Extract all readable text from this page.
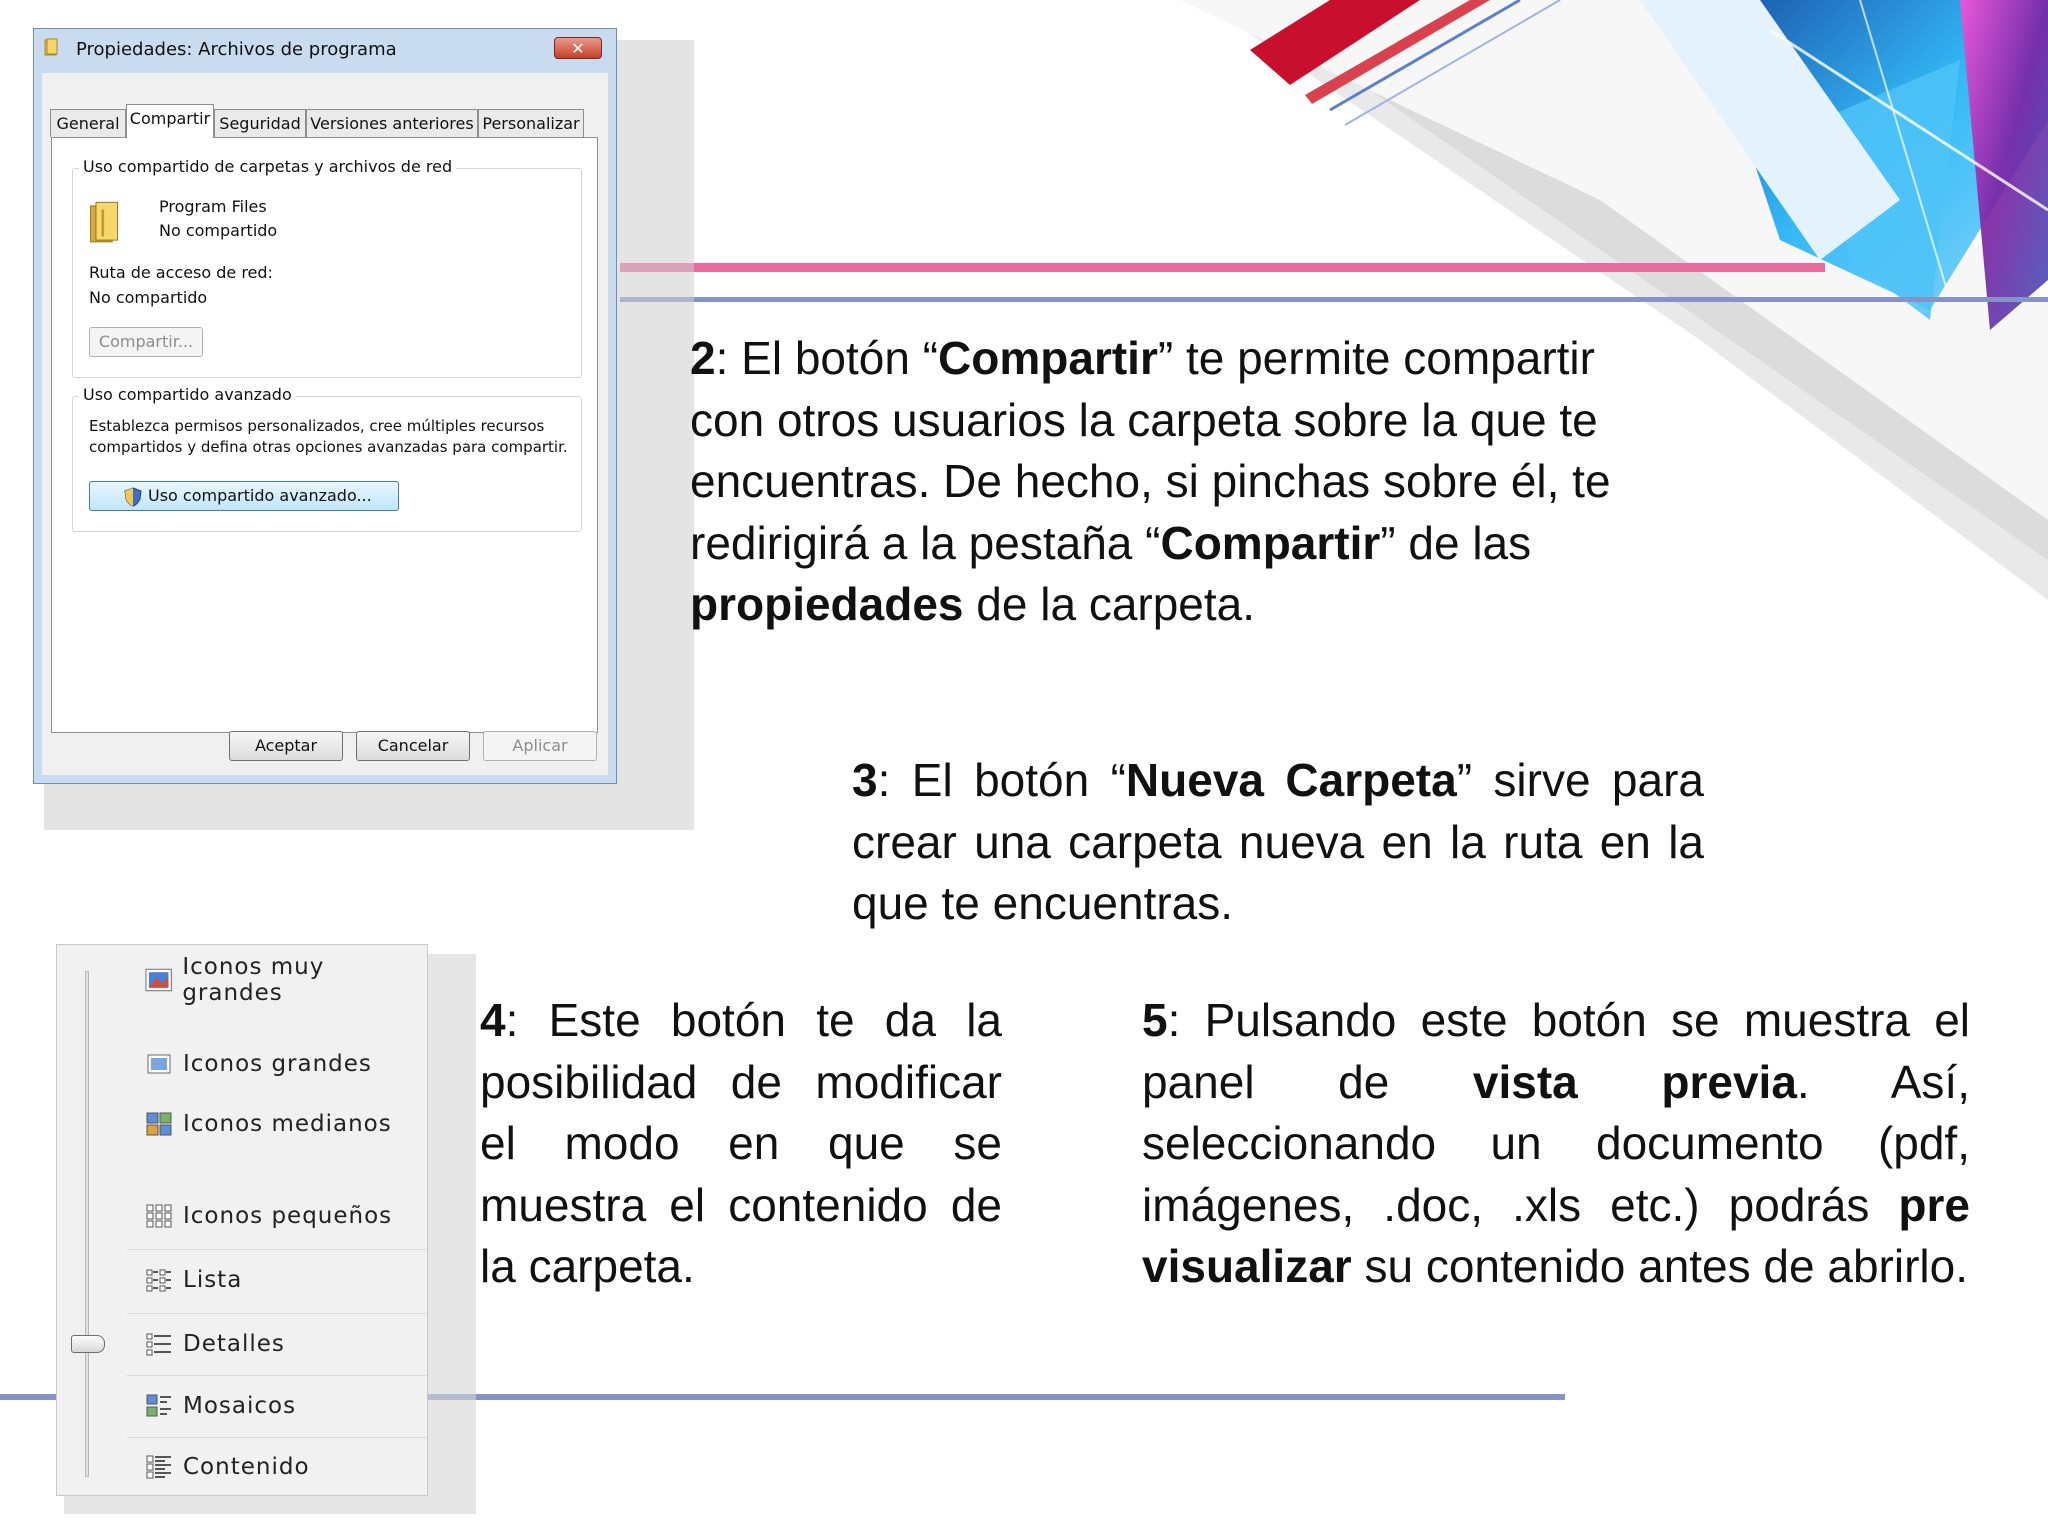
Propiedades: Archivos de programa	✕
General Compartir Seguridad Versiones anteriores Personalizar
Uso compartido de carpetas y archivos de red
Program Files
No compartido
Ruta de acceso de red:
No compartido
Compartir...
Uso compartido avanzado
Establezca permisos personalizados, cree múltiples recursos
compartidos y defina otras opciones avanzadas para compartir.
Uso compartido avanzado...
Aceptar	Cancelar	Aplicar
Iconos muy grandes
Iconos grandes
Iconos medianos
Iconos pequeños
Lista
Detalles
Mosaicos
Contenido
2: El botón “Compartir” te permite compartir con otros usuarios la carpeta sobre la que te encuentras. De hecho, si pinchas sobre él, te redirigirá a la pestaña “Compartir” de las propiedades de la carpeta.
3: El botón “Nueva Carpeta” sirve para crear una carpeta nueva en la ruta en la que te encuentras.
4: Este botón te da la posibilidad de modificar el modo en que se muestra el contenido de la carpeta.
5: Pulsando este botón se muestra el panel de vista previa. Así, seleccionando un documento (pdf, imágenes, .doc, .xls etc.) podrás pre visualizar su contenido antes de abrirlo.
